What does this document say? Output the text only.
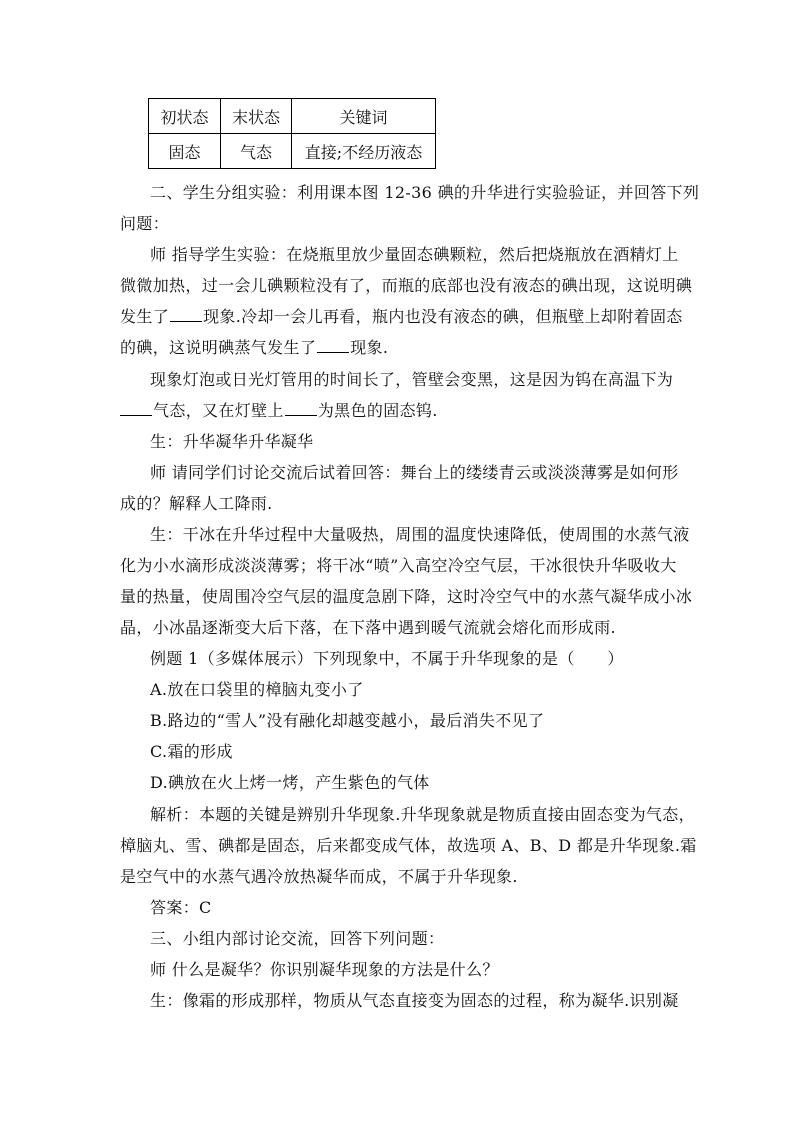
初状态	末状态	关键词
固态	气态	直接;不经历液态
二、学生分组实验：利用课本图 12-36 碘的升华进行实验验证，并回答下列
问题：
师 指导学生实验：在烧瓶里放少量固态碘颗粒，然后把烧瓶放在酒精灯上
微微加热，过一会儿碘颗粒没有了，而瓶的底部也没有液态的碘出现，这说明碘
发生了 现象.冷却一会儿再看，瓶内也没有液态的碘，但瓶壁上却附着固态
的碘，这说明碘蒸气发生了 现象.
现象灯泡或日光灯管用的时间长了，管壁会变黑，这是因为钨在高温下为
气态，又在灯壁上 为黑色的固态钨.
生：升华凝华升华凝华
师 请同学们讨论交流后试着回答：舞台上的缕缕青云或淡淡薄雾是如何形
成的？解释人工降雨.
生：干冰在升华过程中大量吸热，周围的温度快速降低，使周围的水蒸气液
化为小水滴形成淡淡薄雾；将干冰“喷”入高空冷空气层，干冰很快升华吸收大
量的热量，使周围冷空气层的温度急剧下降，这时冷空气中的水蒸气凝华成小冰
晶，小冰晶逐渐变大后下落，在下落中遇到暖气流就会熔化而形成雨.
例题 1（多媒体展示）下列现象中，不属于升华现象的是（　　）
A.放在口袋里的樟脑丸变小了
B.路边的“雪人”没有融化却越变越小，最后消失不见了
C.霜的形成
D.碘放在火上烤一烤，产生紫色的气体
解析：本题的关键是辨别升华现象.升华现象就是物质直接由固态变为气态，
樟脑丸、雪、碘都是固态，后来都变成气体，故选项 A、B、D 都是升华现象.霜
是空气中的水蒸气遇冷放热凝华而成，不属于升华现象.
答案：C
三、小组内部讨论交流，回答下列问题：
师 什么是凝华？你识别凝华现象的方法是什么？
生：像霜的形成那样，物质从气态直接变为固态的过程，称为凝华.识别凝
